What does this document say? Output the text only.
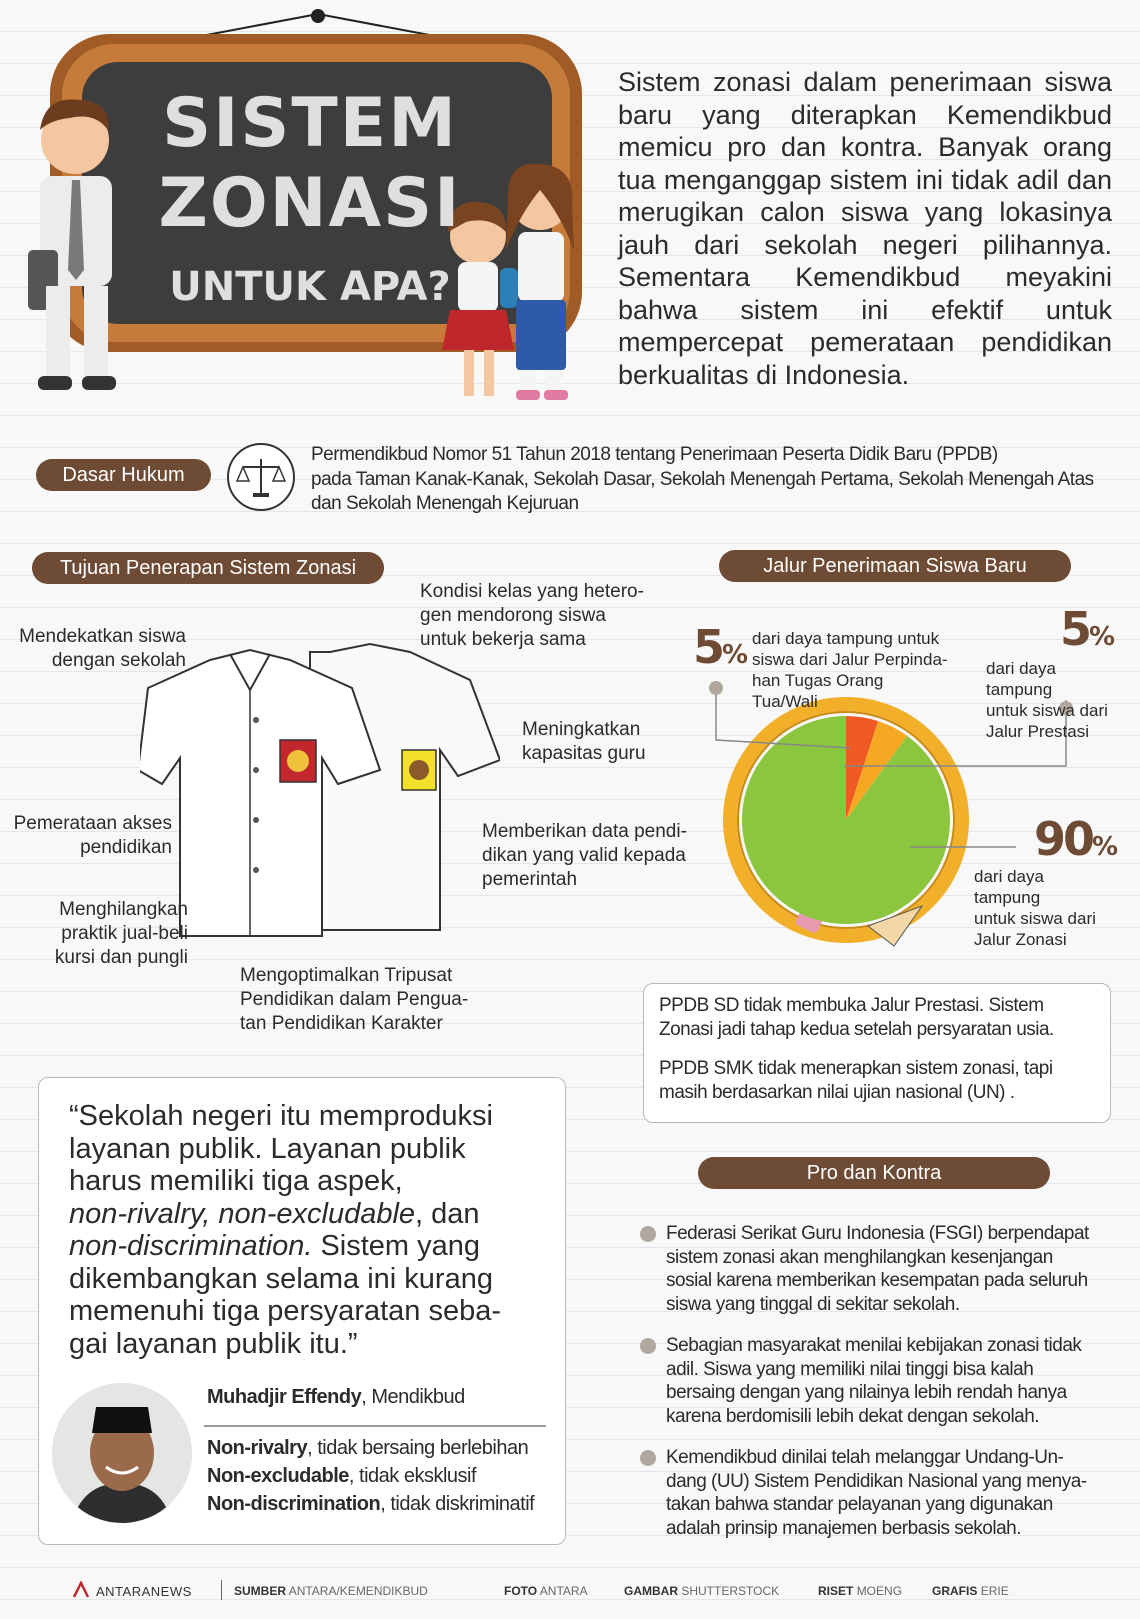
SISTEM
ZONASI
UNTUK APA?
Sistem zonasi dalam penerimaan siswa baru yang diterapkan Kemendikbud memicu pro dan kontra. Banyak orang tua menganggap sistem ini tidak adil dan merugikan calon siswa yang lokasinya jauh dari sekolah negeri pilihannya. Sementara Kemendikbud meyakini bahwa sistem ini efektif untuk mempercepat pemerataan pendidikan berkualitas di Indonesia.
Dasar Hukum
Permendikbud Nomor 51 Tahun 2018 tentang Penerimaan Peserta Didik Baru (PPDB)
pada Taman Kanak-Kanak, Sekolah Dasar, Sekolah Menengah Pertama, Sekolah Menengah Atas
dan Sekolah Menengah Kejuruan
Tujuan Penerapan Sistem Zonasi
Mendekatkan siswa
dengan sekolah
Kondisi kelas yang hetero-
gen mendorong siswa
untuk bekerja sama
Meningkatkan
kapasitas guru
Pemerataan akses
pendidikan
Memberikan data pendi-
dikan yang valid kepada
pemerintah
Menghilangkan
praktik jual-beli
kursi dan pungli
Mengoptimalkan Tripusat
Pendidikan dalam Pengua-
tan Pendidikan Karakter
Jalur Penerimaan Siswa Baru
5%
dari daya tampung untuk
siswa dari Jalur Perpinda-
han Tugas Orang Tua/Wali
5%
dari daya tampung
untuk siswa dari
Jalur Prestasi
90%
dari daya tampung
untuk siswa dari
Jalur Zonasi
PPDB SD tidak membuka Jalur Prestasi. Sistem
Zonasi jadi tahap kedua setelah persyaratan usia.
PPDB SMK tidak menerapkan sistem zonasi, tapi
masih berdasarkan nilai ujian nasional (UN) .
“Sekolah negeri itu memproduksi
layanan publik. Layanan publik
harus memiliki tiga aspek,
non-rivalry, non-excludable, dan
non-discrimination. Sistem yang
dikembangkan selama ini kurang
memenuhi tiga persyaratan seba-
gai layanan publik itu.”
Muhadjir Effendy, Mendikbud
Non-rivalry, tidak bersaing berlebihan
Non-excludable, tidak eksklusif
Non-discrimination, tidak diskriminatif
Pro dan Kontra
Federasi Serikat Guru Indonesia (FSGI) berpendapat
sistem zonasi akan menghilangkan kesenjangan
sosial karena memberikan kesempatan pada seluruh
siswa yang tinggal di sekitar sekolah.
Sebagian masyarakat menilai kebijakan zonasi tidak
adil. Siswa yang memiliki nilai tinggi bisa kalah
bersaing dengan yang nilainya lebih rendah hanya
karena berdomisili lebih dekat dengan sekolah.
Kemendikbud dinilai telah melanggar Undang-Un-
dang (UU) Sistem Pendidikan Nasional yang menya-
takan bahwa standar pelayanan yang digunakan
adalah prinsip manajemen berbasis sekolah.
ANTARANEWS	SUMBER ANTARA/KEMENDIKBUD	FOTO ANTARA	GAMBAR SHUTTERSTOCK	RISET MOENG GRAFIS ERIE
